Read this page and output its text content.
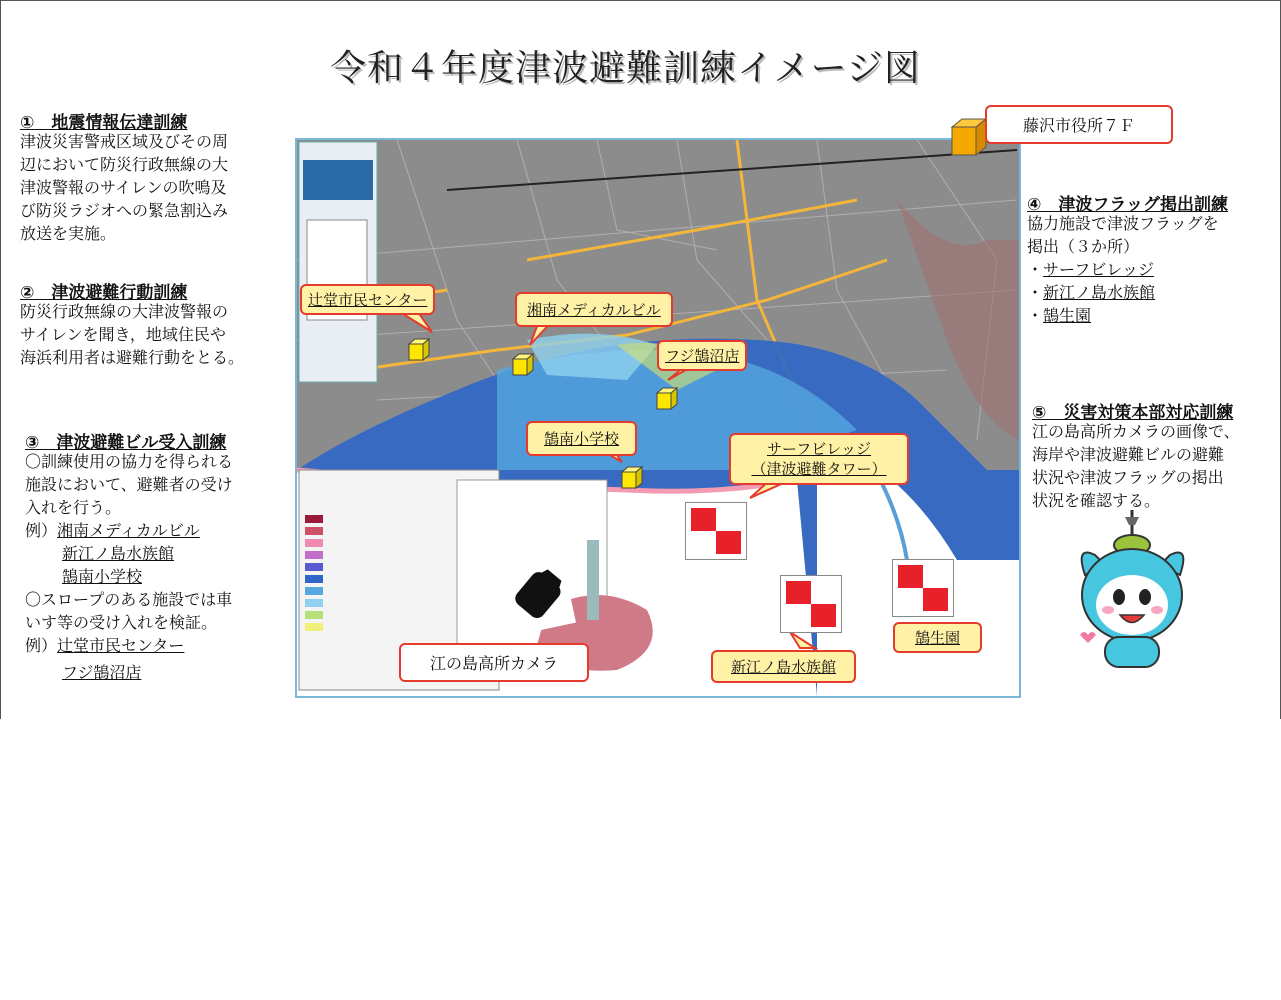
令和４年度津波避難訓練イメージ図
①　地震情報伝達訓練
津波災害警戒区域及びその周
辺において防災行政無線の大
津波警報のサイレンの吹鳴及
び防災ラジオへの緊急割込み
放送を実施。
②　津波避難行動訓練
防災行政無線の大津波警報の
サイレンを聞き，地域住民や
海浜利用者は避難行動をとる。
③　津波避難ビル受入訓練
〇訓練使用の協力を得られる
施設において、避難者の受け
入れを行う。
例）湘南メディカルビル
新江ノ島水族館
鵠南小学校
〇スロープのある施設では車
いす等の受け入れを検証。
例）辻堂市民センター
フジ鵠沼店
④　津波フラッグ掲出訓練
協力施設で津波フラッグを
掲出（３か所）
・サーフビレッジ
・新江ノ島水族館
・鵠生園
⑤　災害対策本部対応訓練
江の島高所カメラの画像で、
海岸や津波避難ビルの避難
状況や津波フラッグの掲出
状況を確認する。
藤沢市役所７Ｆ
辻堂市民センター
湘南メディカルビル
フジ鵠沼店
鵠南小学校
サーフビレッジ
（津波避難タワー）
新江ノ島水族館
鵠生園
江の島高所カメラ
